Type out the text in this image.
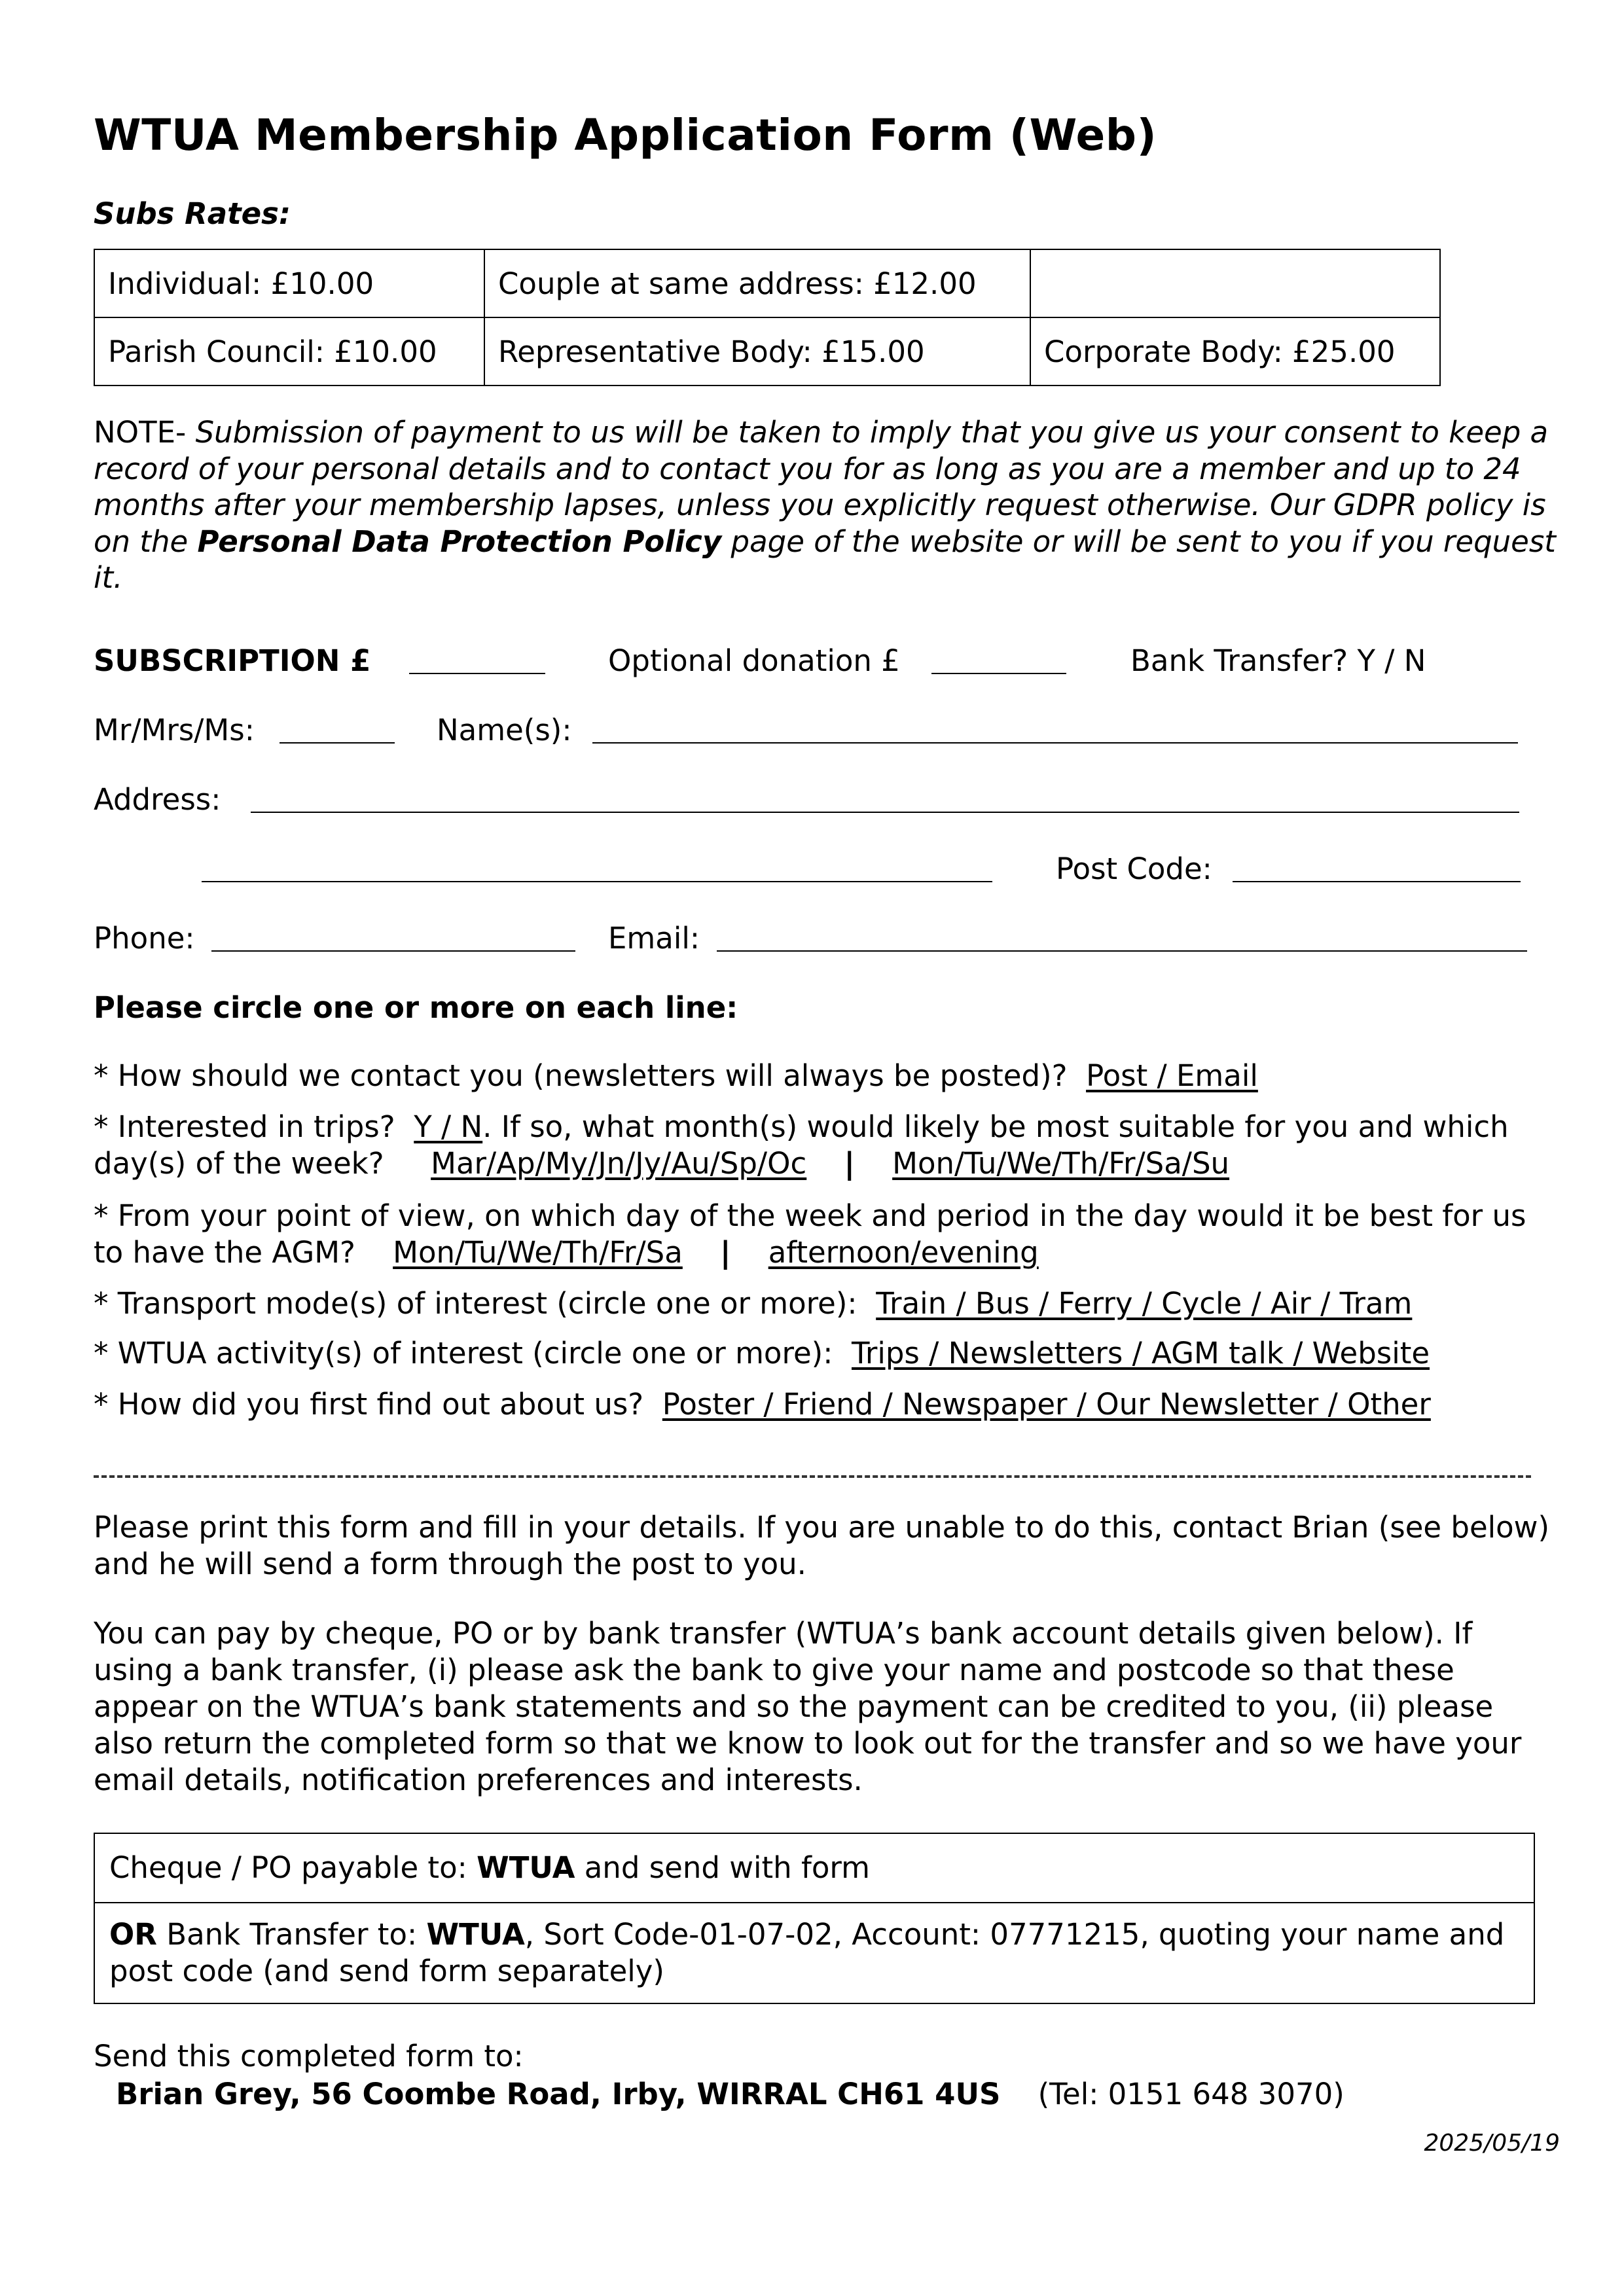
WTUA Membership Application Form (Web)
Subs Rates:
Individual: £10.00	Couple at same address: £12.00	
Parish Council: £10.00	Representative Body: £15.00	Corporate Body: £25.00
NOTE- Submission of payment to us will be taken to imply that you give us your consent to keep a record of your personal details and to contact you for as long as you are a member and up to 24 months after your membership lapses, unless you explicitly request otherwise. Our GDPR policy is on the Personal Data Protection Policy page of the website or will be sent to you if you request it.
SUBSCRIPTION £	Optional donation £	Bank Transfer? Y / N
Mr/Mrs/Ms:	Name(s):
Address:
Post Code:
Phone:	Email:
Please circle one or more on each line:
* How should we contact you (newsletters will always be posted)? Post / Email
* Interested in trips? Y / N. If so, what month(s) would likely be most suitable for you and which day(s) of the week? Mar/Ap/My/Jn/Jy/Au/Sp/Oc | Mon/Tu/We/Th/Fr/Sa/Su
* From your point of view, on which day of the week and period in the day would it be best for us to have the AGM? Mon/Tu/We/Th/Fr/Sa | afternoon/evening
* Transport mode(s) of interest (circle one or more): Train / Bus / Ferry / Cycle / Air / Tram
* WTUA activity(s) of interest (circle one or more): Trips / Newsletters / AGM talk / Website
* How did you first find out about us? Poster / Friend / Newspaper / Our Newsletter / Other
Please print this form and fill in your details. If you are unable to do this, contact Brian (see below) and he will send a form through the post to you.
You can pay by cheque, PO or by bank transfer (WTUA’s bank account details given below). If using a bank transfer, (i) please ask the bank to give your name and postcode so that these appear on the WTUA’s bank statements and so the payment can be credited to you, (ii) please also return the completed form so that we know to look out for the transfer and so we have your email details, notification preferences and interests.
Cheque / PO payable to: WTUA and send with form
OR Bank Transfer to: WTUA, Sort Code-01-07-02, Account: 07771215, quoting your name and post code (and send form separately)
Send this completed form to:
Brian Grey, 56 Coombe Road, Irby, WIRRAL CH61 4US (Tel: 0151 648 3070)
2025/05/19
